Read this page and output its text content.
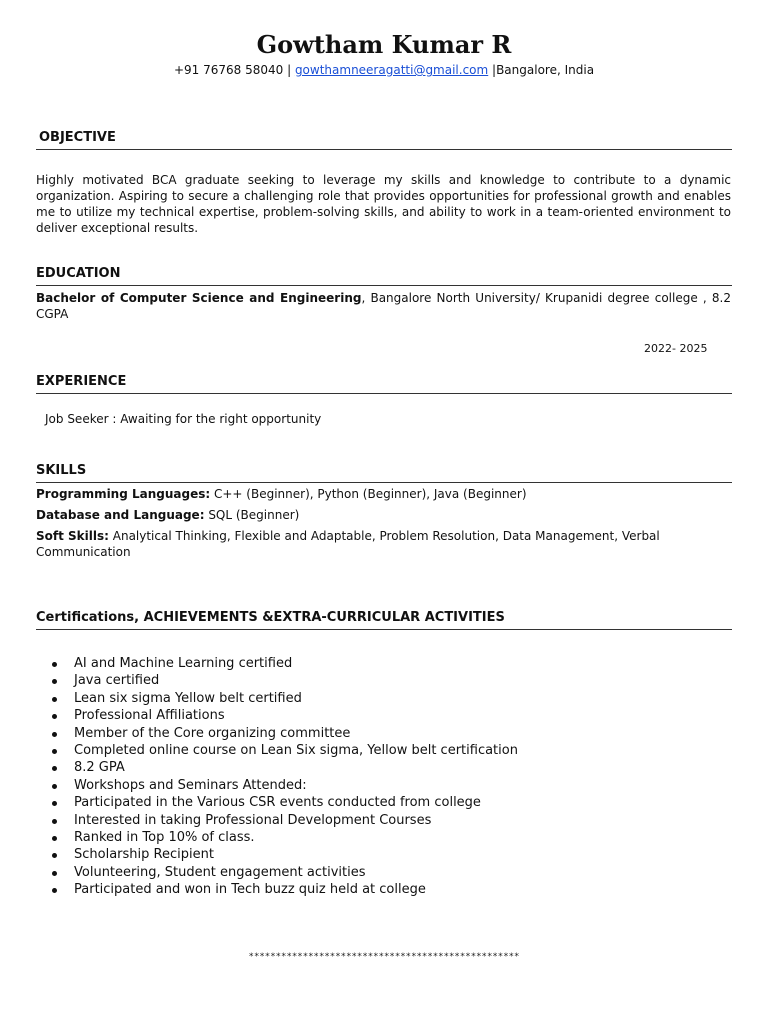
Gowtham Kumar R
+91 76768 58040 | gowthamneeragatti@gmail.com |Bangalore, India
OBJECTIVE
Highly motivated BCA graduate seeking to leverage my skills and knowledge to contribute to a dynamic organization. Aspiring to secure a challenging role that provides opportunities for professional growth and enables me to utilize my technical expertise, problem-solving skills, and ability to work in a team-oriented environment to deliver exceptional results.
EDUCATION
Bachelor of Computer Science and Engineering, Bangalore North University/ Krupanidi degree college , 8.2 CGPA
2022- 2025
EXPERIENCE
Job Seeker : Awaiting for the right opportunity
SKILLS
Programming Languages: C++ (Beginner), Python (Beginner), Java (Beginner)
Database and Language: SQL (Beginner)
Soft Skills: Analytical Thinking, Flexible and Adaptable, Problem Resolution, Data Management, Verbal Communication
Certifications, ACHIEVEMENTS &EXTRA-CURRICULAR ACTIVITIES
AI and Machine Learning certified
Java certified
Lean six sigma Yellow belt certified
Professional Affiliations
Member of the Core organizing committee
Completed online course on Lean Six sigma, Yellow belt certification
8.2 GPA
Workshops and Seminars Attended:
Participated in the Various CSR events conducted from college
Interested in taking Professional Development Courses
Ranked in Top 10% of class.
Scholarship Recipient
Volunteering, Student engagement activities
Participated and won in Tech buzz quiz held at college
**************************************************
